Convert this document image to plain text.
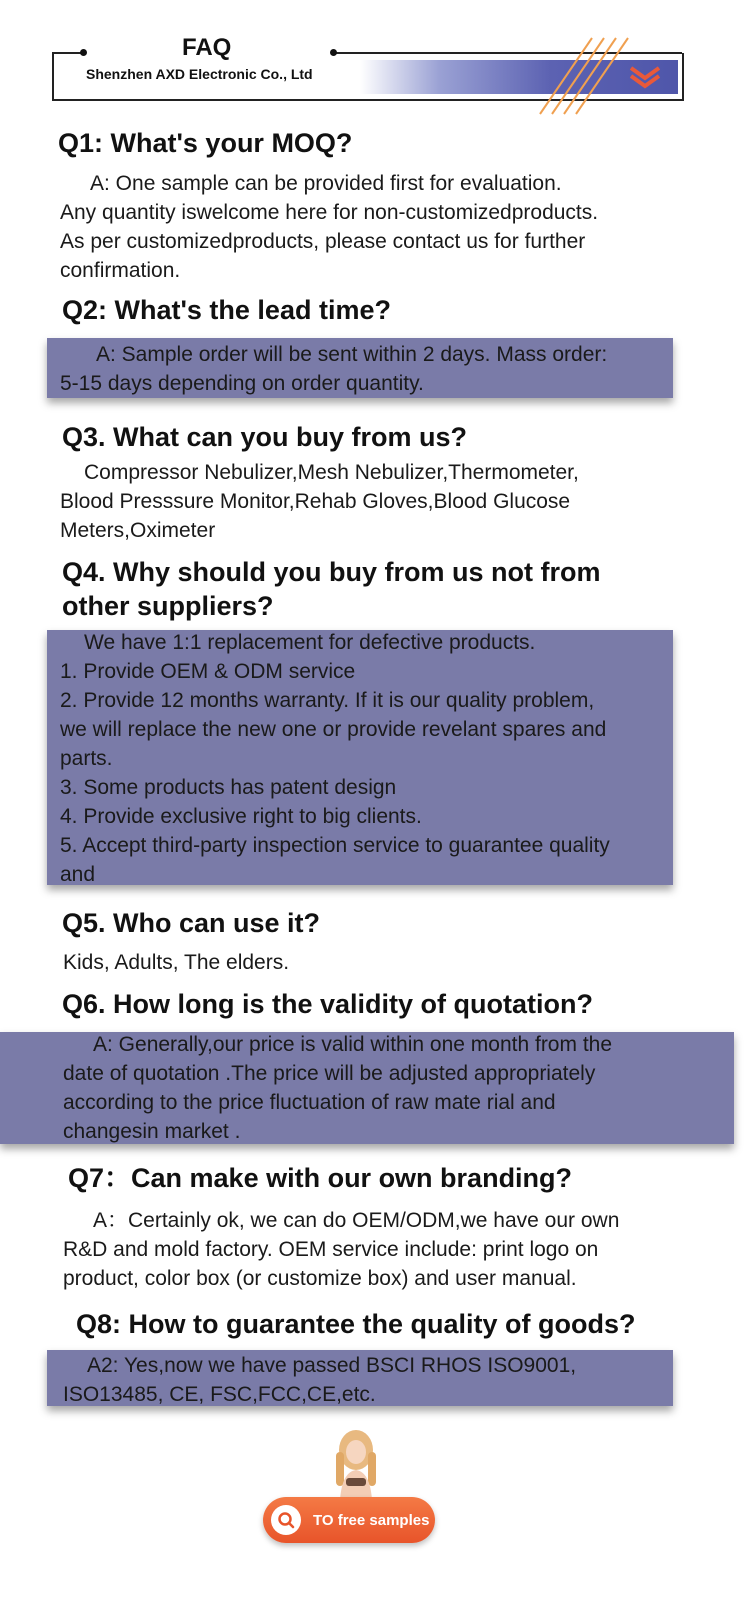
FAQ
Shenzhen AXD Electronic Co., Ltd
Q1: What's your MOQ?
A: One sample can be provided first for evaluation.
Any quantity iswelcome here for non-customizedproducts.
As per customizedproducts, please contact us for further
confirmation.
Q2: What's the lead time?
A: Sample order will be sent within 2 days. Mass order:
5-15 days depending on order quantity.
Q3. What can you buy from us?
Compressor Nebulizer,Mesh Nebulizer,Thermometer,
Blood Presssure Monitor,Rehab Gloves,Blood Glucose
Meters,Oximeter
Q4. Why should you buy from us not from
other suppliers?
We have 1:1 replacement for defective products.
1. Provide OEM & ODM service
2. Provide 12 months warranty. If it is our quality problem,
we will replace the new one or provide revelant spares and
parts.
3. Some products has patent design
4. Provide exclusive right to big clients.
5. Accept third-party inspection service to guarantee quality
and
Q5. Who can use it?
Kids, Adults, The elders.
Q6. How long is the validity of quotation?
A: Generally,our price is valid within one month from the
date of quotation .The price will be adjusted appropriately
according to the price fluctuation of raw mate rial and
changesin market .
Q7：Can make with our own branding?
A：Certainly ok, we can do OEM/ODM,we have our own
R&D and mold factory. OEM service include: print logo on
product, color box (or customize box) and user manual.
Q8: How to guarantee the quality of goods?
A2: Yes,now we have passed BSCI RHOS ISO9001,
ISO13485, CE, FSC,FCC,CE,etc.
TO free samples
